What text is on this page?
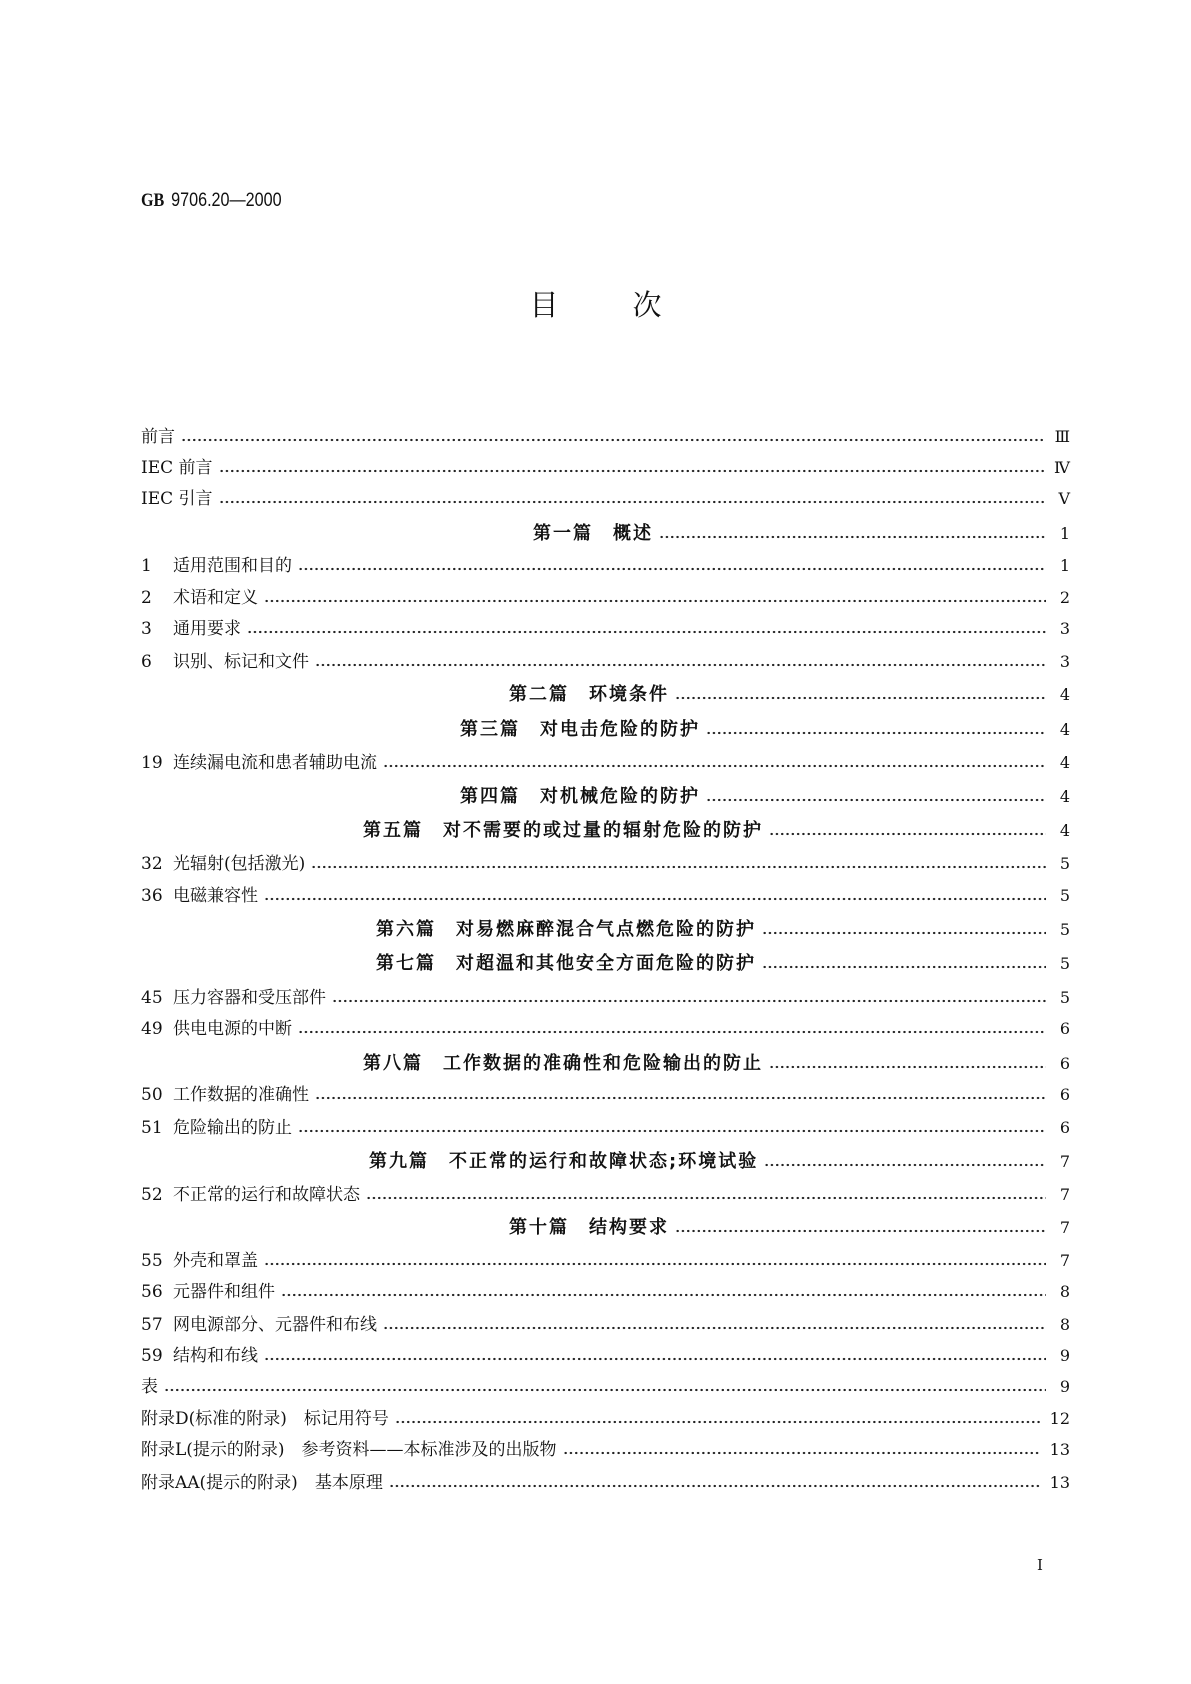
GB 9706.20—2000
目次
前言	Ⅲ
IEC 前言	Ⅳ
IEC 引言	Ⅴ
第一篇　概述	1
1	适用范围和目的	1
2	术语和定义	2
3	通用要求	3
6	识别、标记和文件	3
第二篇　环境条件	4
第三篇　对电击危险的防护	4
19 连续漏电流和患者辅助电流	4
第四篇　对机械危险的防护	4
第五篇　对不需要的或过量的辐射危险的防护	4
32 光辐射(包括激光)	5
36 电磁兼容性	5
第六篇　对易燃麻醉混合气点燃危险的防护	5
第七篇　对超温和其他安全方面危险的防护	5
45 压力容器和受压部件	5
49 供电电源的中断	6
第八篇　工作数据的准确性和危险输出的防止	6
50 工作数据的准确性	6
51 危险输出的防止	6
第九篇　不正常的运行和故障状态;环境试验	7
52 不正常的运行和故障状态	7
第十篇　结构要求	7
55 外壳和罩盖	7
56 元器件和组件	8
57 网电源部分、元器件和布线	8
59 结构和布线	9
表	9
附录D(标准的附录)　标记用符号	12
附录L(提示的附录)　参考资料——本标准涉及的出版物	13
附录AA(提示的附录)　基本原理	13
I
